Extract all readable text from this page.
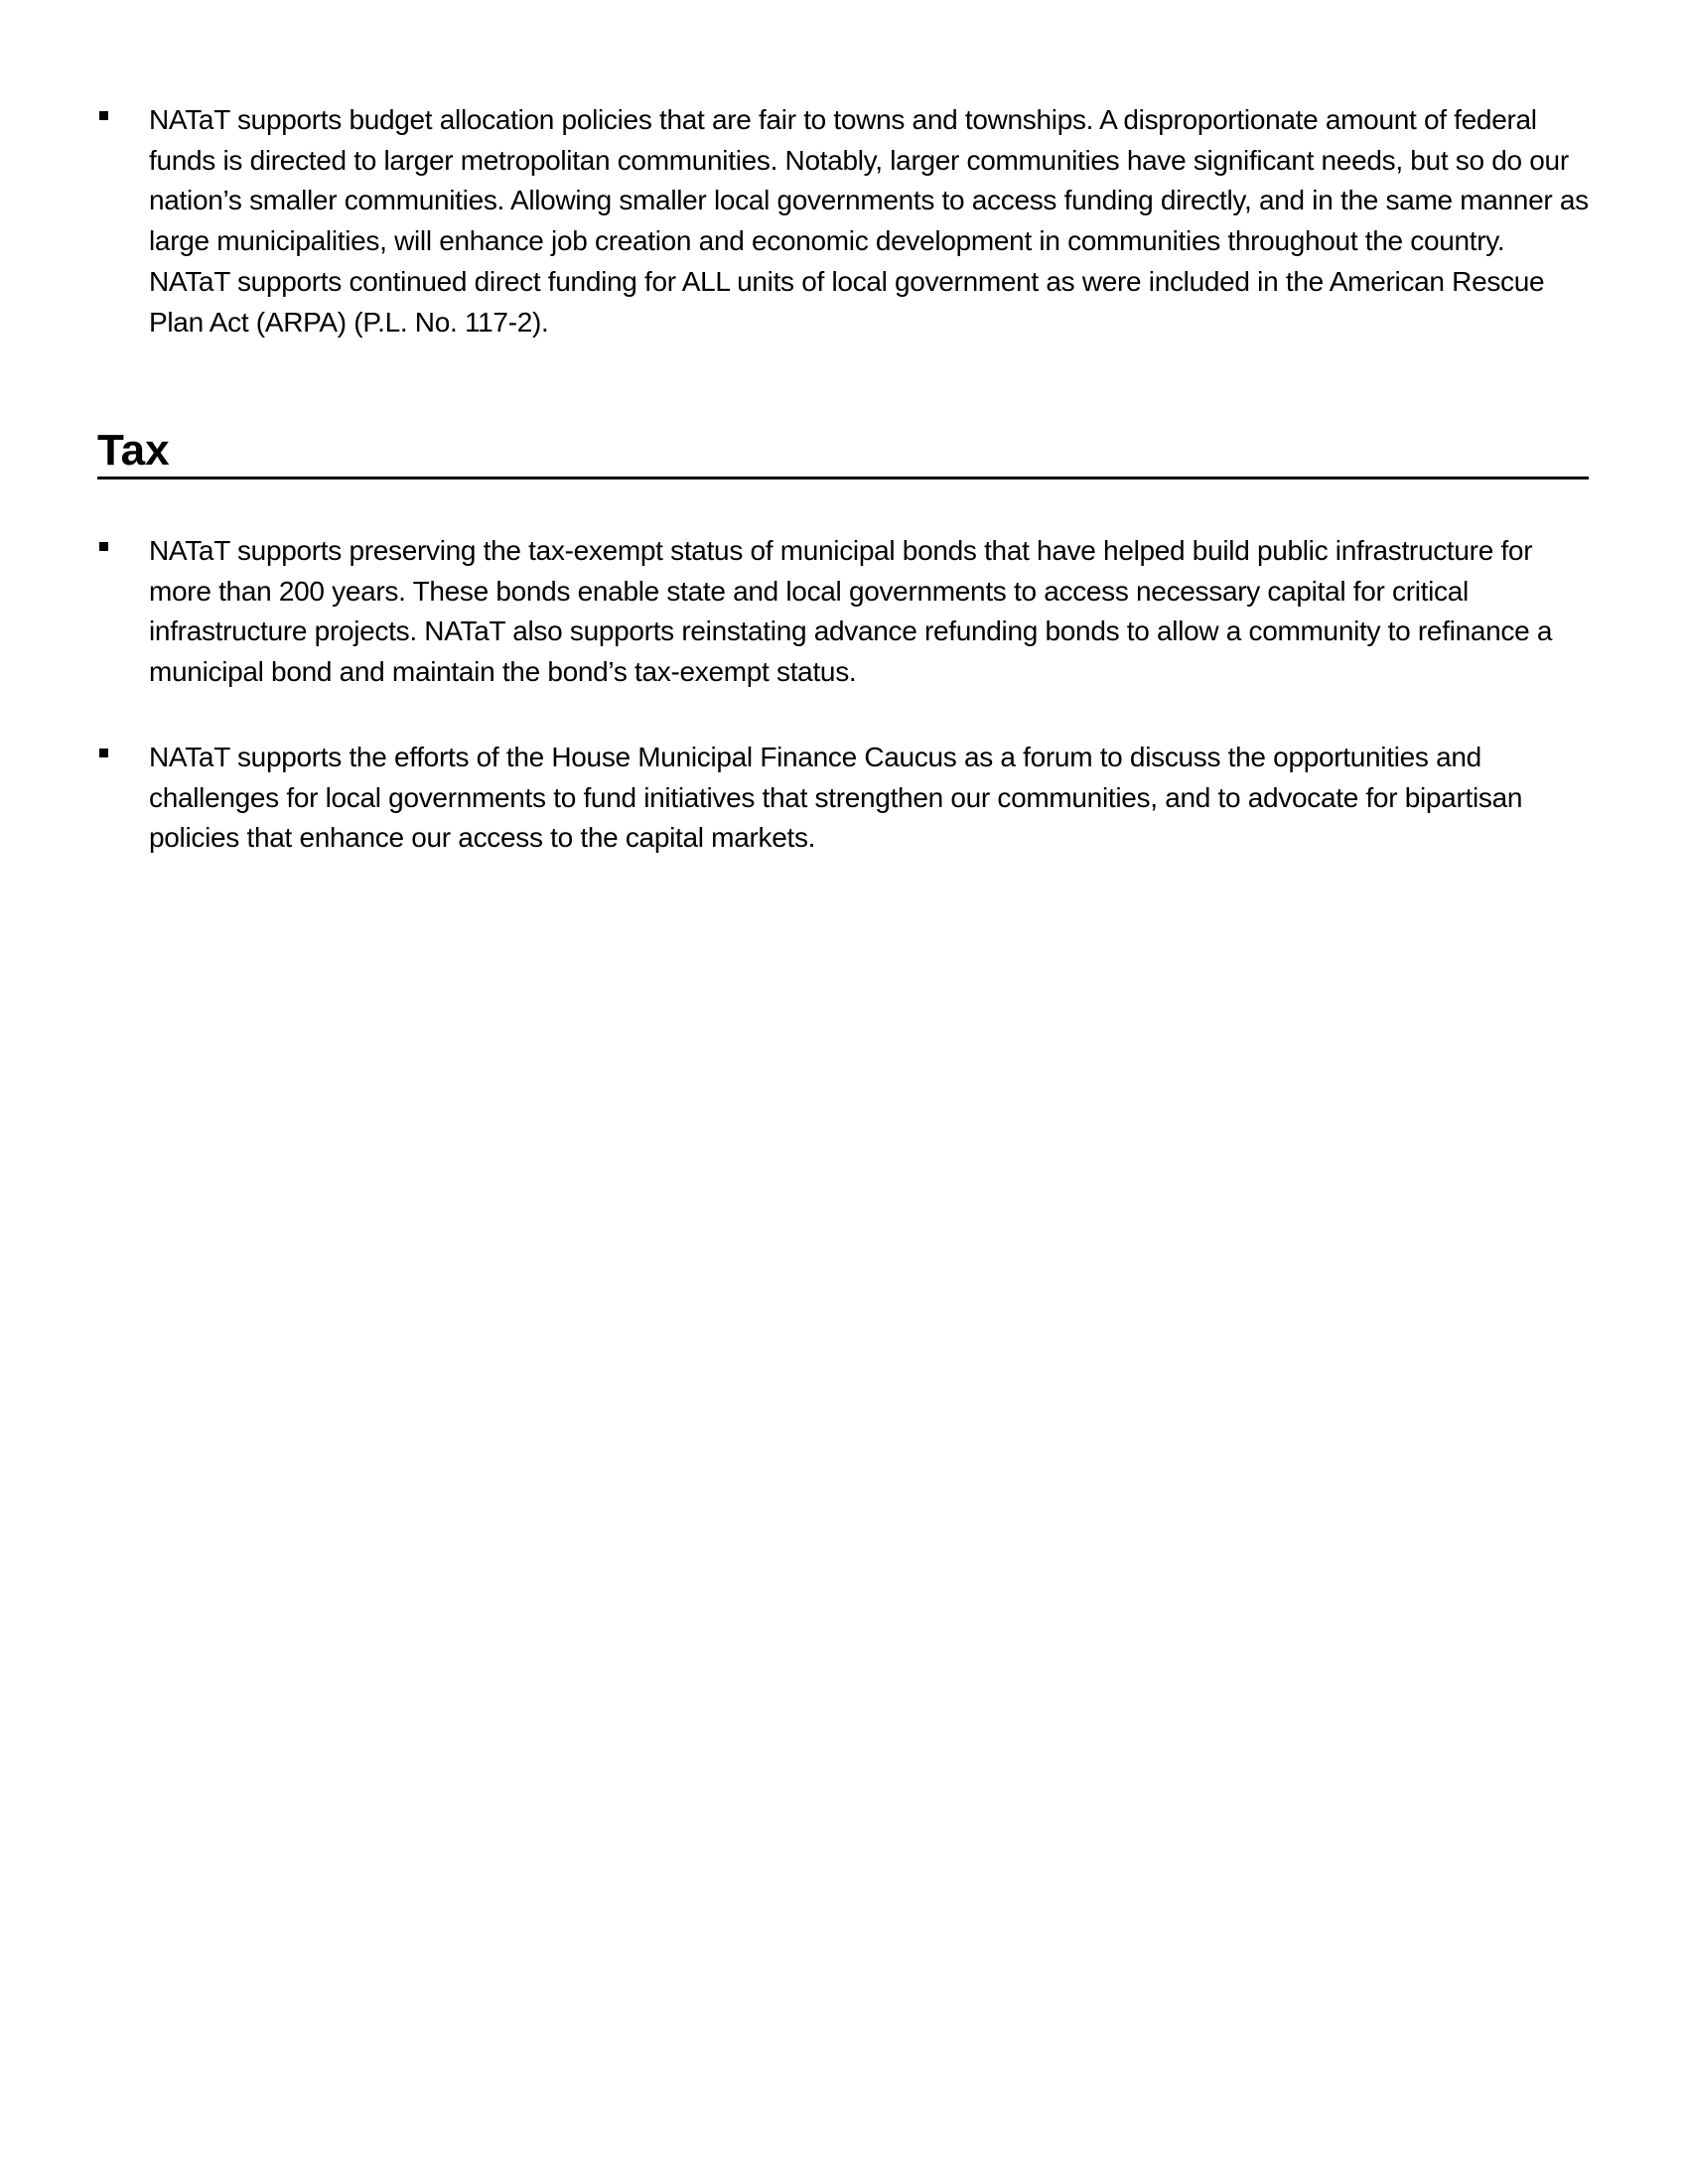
NATaT supports budget allocation policies that are fair to towns and townships. A disproportionate amount of federal funds is directed to larger metropolitan communities. Notably, larger communities have significant needs, but so do our nation’s smaller communities. Allowing smaller local governments to access funding directly, and in the same manner as large municipalities, will enhance job creation and economic development in communities throughout the country. NATaT supports continued direct funding for ALL units of local government as were included in the American Rescue Plan Act (ARPA) (P.L. No. 117-2).
Tax
NATaT supports preserving the tax-exempt status of municipal bonds that have helped build public infrastructure for more than 200 years. These bonds enable state and local governments to access necessary capital for critical infrastructure projects. NATaT also supports reinstating advance refunding bonds to allow a community to refinance a municipal bond and maintain the bond’s tax-exempt status.
NATaT supports the efforts of the House Municipal Finance Caucus as a forum to discuss the opportunities and challenges for local governments to fund initiatives that strengthen our communities, and to advocate for bipartisan policies that enhance our access to the capital markets.
